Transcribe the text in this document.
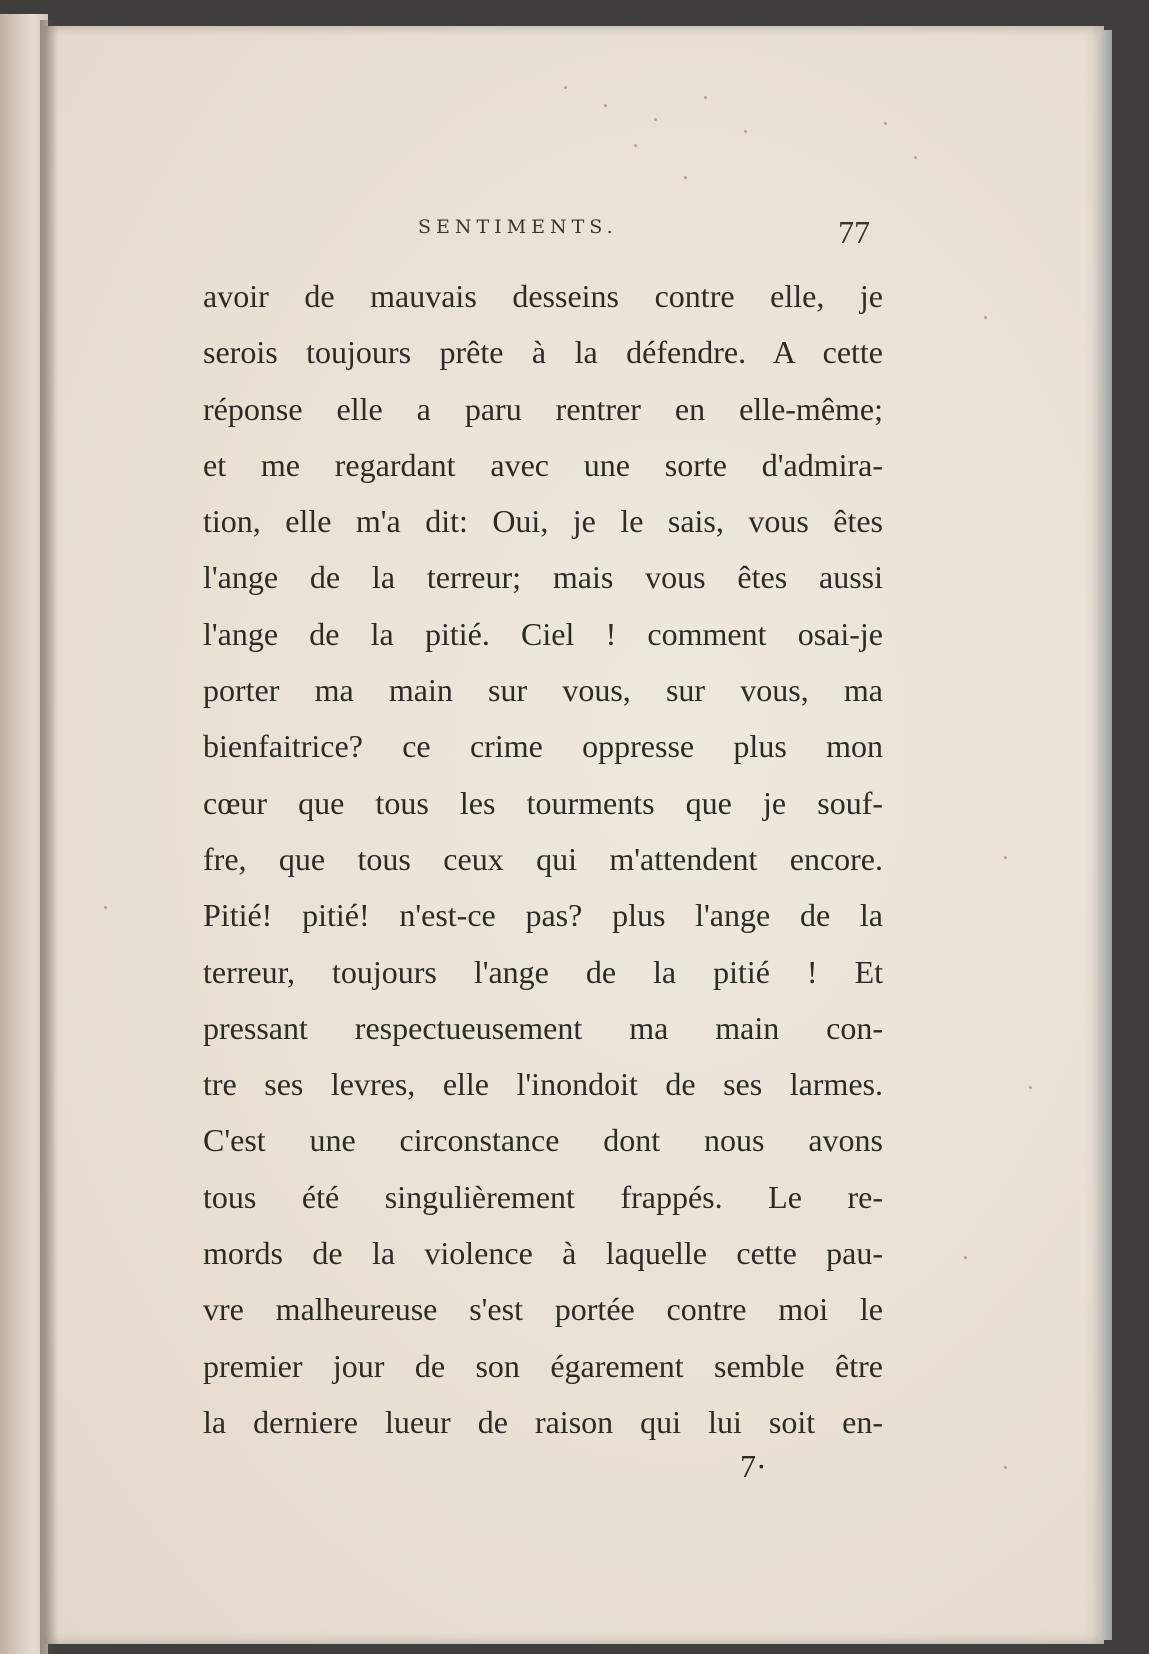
SENTIMENTS.	77
avoir de mauvais desseins contre elle, je
serois toujours prête à la défendre. A cette
réponse elle a paru rentrer en elle-même;
et me regardant avec une sorte d'admira-
tion, elle m'a dit: Oui, je le sais, vous êtes
l'ange de la terreur; mais vous êtes aussi
l'ange de la pitié. Ciel ! comment osai-je
porter ma main sur vous, sur vous, ma
bienfaitrice? ce crime oppresse plus mon
cœur que tous les tourments que je souf-
fre, que tous ceux qui m'attendent encore.
Pitié! pitié! n'est-ce pas? plus l'ange de la
terreur, toujours l'ange de la pitié ! Et
pressant respectueusement ma main con-
tre ses levres, elle l'inondoit de ses larmes.
C'est une circonstance dont nous avons
tous été singulièrement frappés. Le re-
mords de la violence à laquelle cette pau-
vre malheureuse s'est portée contre moi le
premier jour de son égarement semble être
la derniere lueur de raison qui lui soit en-
7·
